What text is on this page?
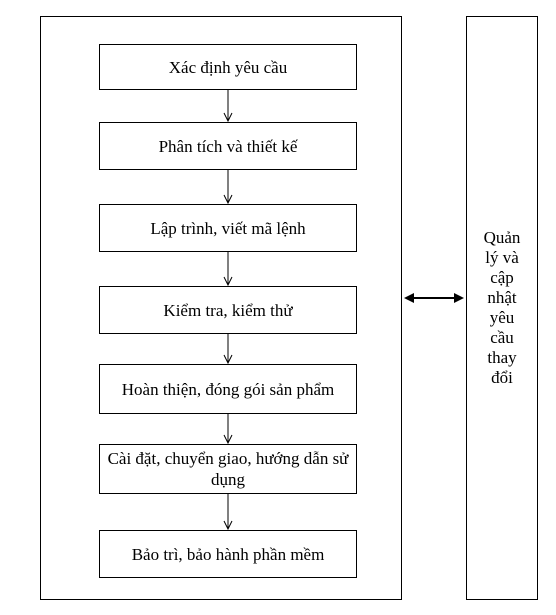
Xác định yêu cầu
Phân tích và thiết kế
Lập trình, viết mã lệnh
Kiểm tra, kiểm thử
Hoàn thiện, đóng gói sản phẩm
Cài đặt, chuyển giao, hướng dẫn sử dụng
Bảo trì, bảo hành phần mềm
Quản lý và cập nhật yêu cầu thay đổi
